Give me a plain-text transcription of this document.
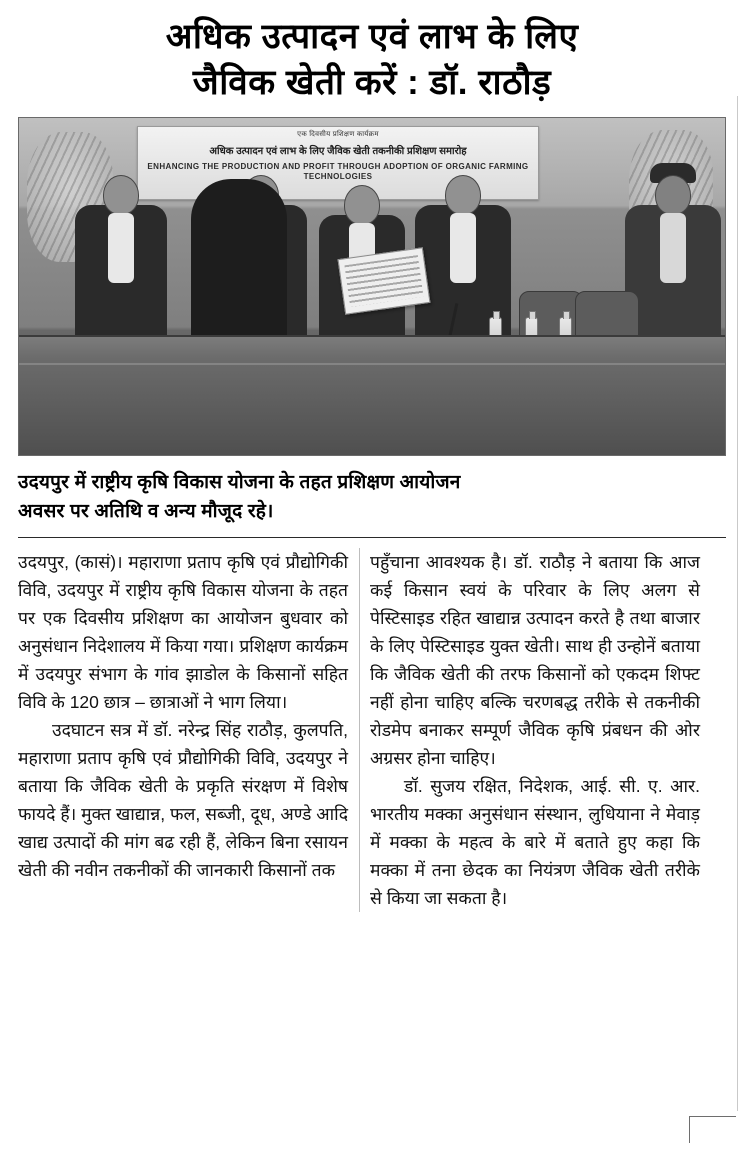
अधिक उत्पादन एवं लाभ के लिए
जैविक खेती करें : डॉ. राठौड़
एक दिवसीय प्रशिक्षण कार्यक्रम
अधिक उत्पादन एवं लाभ के लिए जैविक खेती तकनीकी प्रशिक्षण समारोह
ENHANCING THE PRODUCTION AND PROFIT THROUGH ADOPTION OF ORGANIC FARMING TECHNOLOGIES
उदयपुर में राष्ट्रीय कृषि विकास योजना के तहत प्रशिक्षण आयोजन
अवसर पर अतिथि व अन्य मौजूद रहे।

उदयपुर, (कासं)। महाराणा प्रताप कृषि एवं प्रौद्योगिकी विवि, उदयपुर में राष्ट्रीय कृषि विकास योजना के तहत पर एक दिवसीय प्रशिक्षण का आयोजन बुधवार को अनुसंधान निदेशालय में किया गया। प्रशिक्षण कार्यक्रम में उदयपुर संभाग के गांव झाडोल के किसानों सहित विवि के 120 छात्र – छात्राओं ने भाग लिया।

उदघाटन सत्र में डॉ. नरेन्द्र सिंह राठौड़, कुलपति, महाराणा प्रताप कृषि एवं प्रौद्योगिकी विवि, उदयपुर ने बताया कि जैविक खेती के प्रकृति संरक्षण में विशेष फायदे हैं। मुक्त खाद्यान्न, फल, सब्जी, दूध, अण्डे आदि खाद्य उत्पादों की मांग बढ रही हैं, लेकिन बिना रसायन खेती की नवीन तकनीकों की जानकारी किसानों तक

पहुँचाना आवश्यक है। डॉ. राठौड़ ने बताया कि आज कई किसान स्वयं के परिवार के लिए अलग से पेस्टिसाइड रहित खाद्यान्न उत्पादन करते है तथा बाजार के लिए पेस्टिसाइड युक्त खेती। साथ ही उन्होनें बताया कि जैविक खेती की तरफ किसानों को एकदम शिफ्ट नहीं होना चाहिए बल्कि चरणबद्ध तरीके से तकनीकी रोडमेप बनाकर सम्पूर्ण जैविक कृषि प्रंबधन की ओर अग्रसर होना चाहिए।

डॉ. सुजय रक्षित, निदेशक, आई. सी. ए. आर. भारतीय मक्का अनुसंधान संस्थान, लुधियाना ने मेवाड़ में मक्का के महत्व के बारे में बताते हुए कहा कि मक्का में तना छेदक का नियंत्रण जैविक खेती तरीके से किया जा सकता है।
